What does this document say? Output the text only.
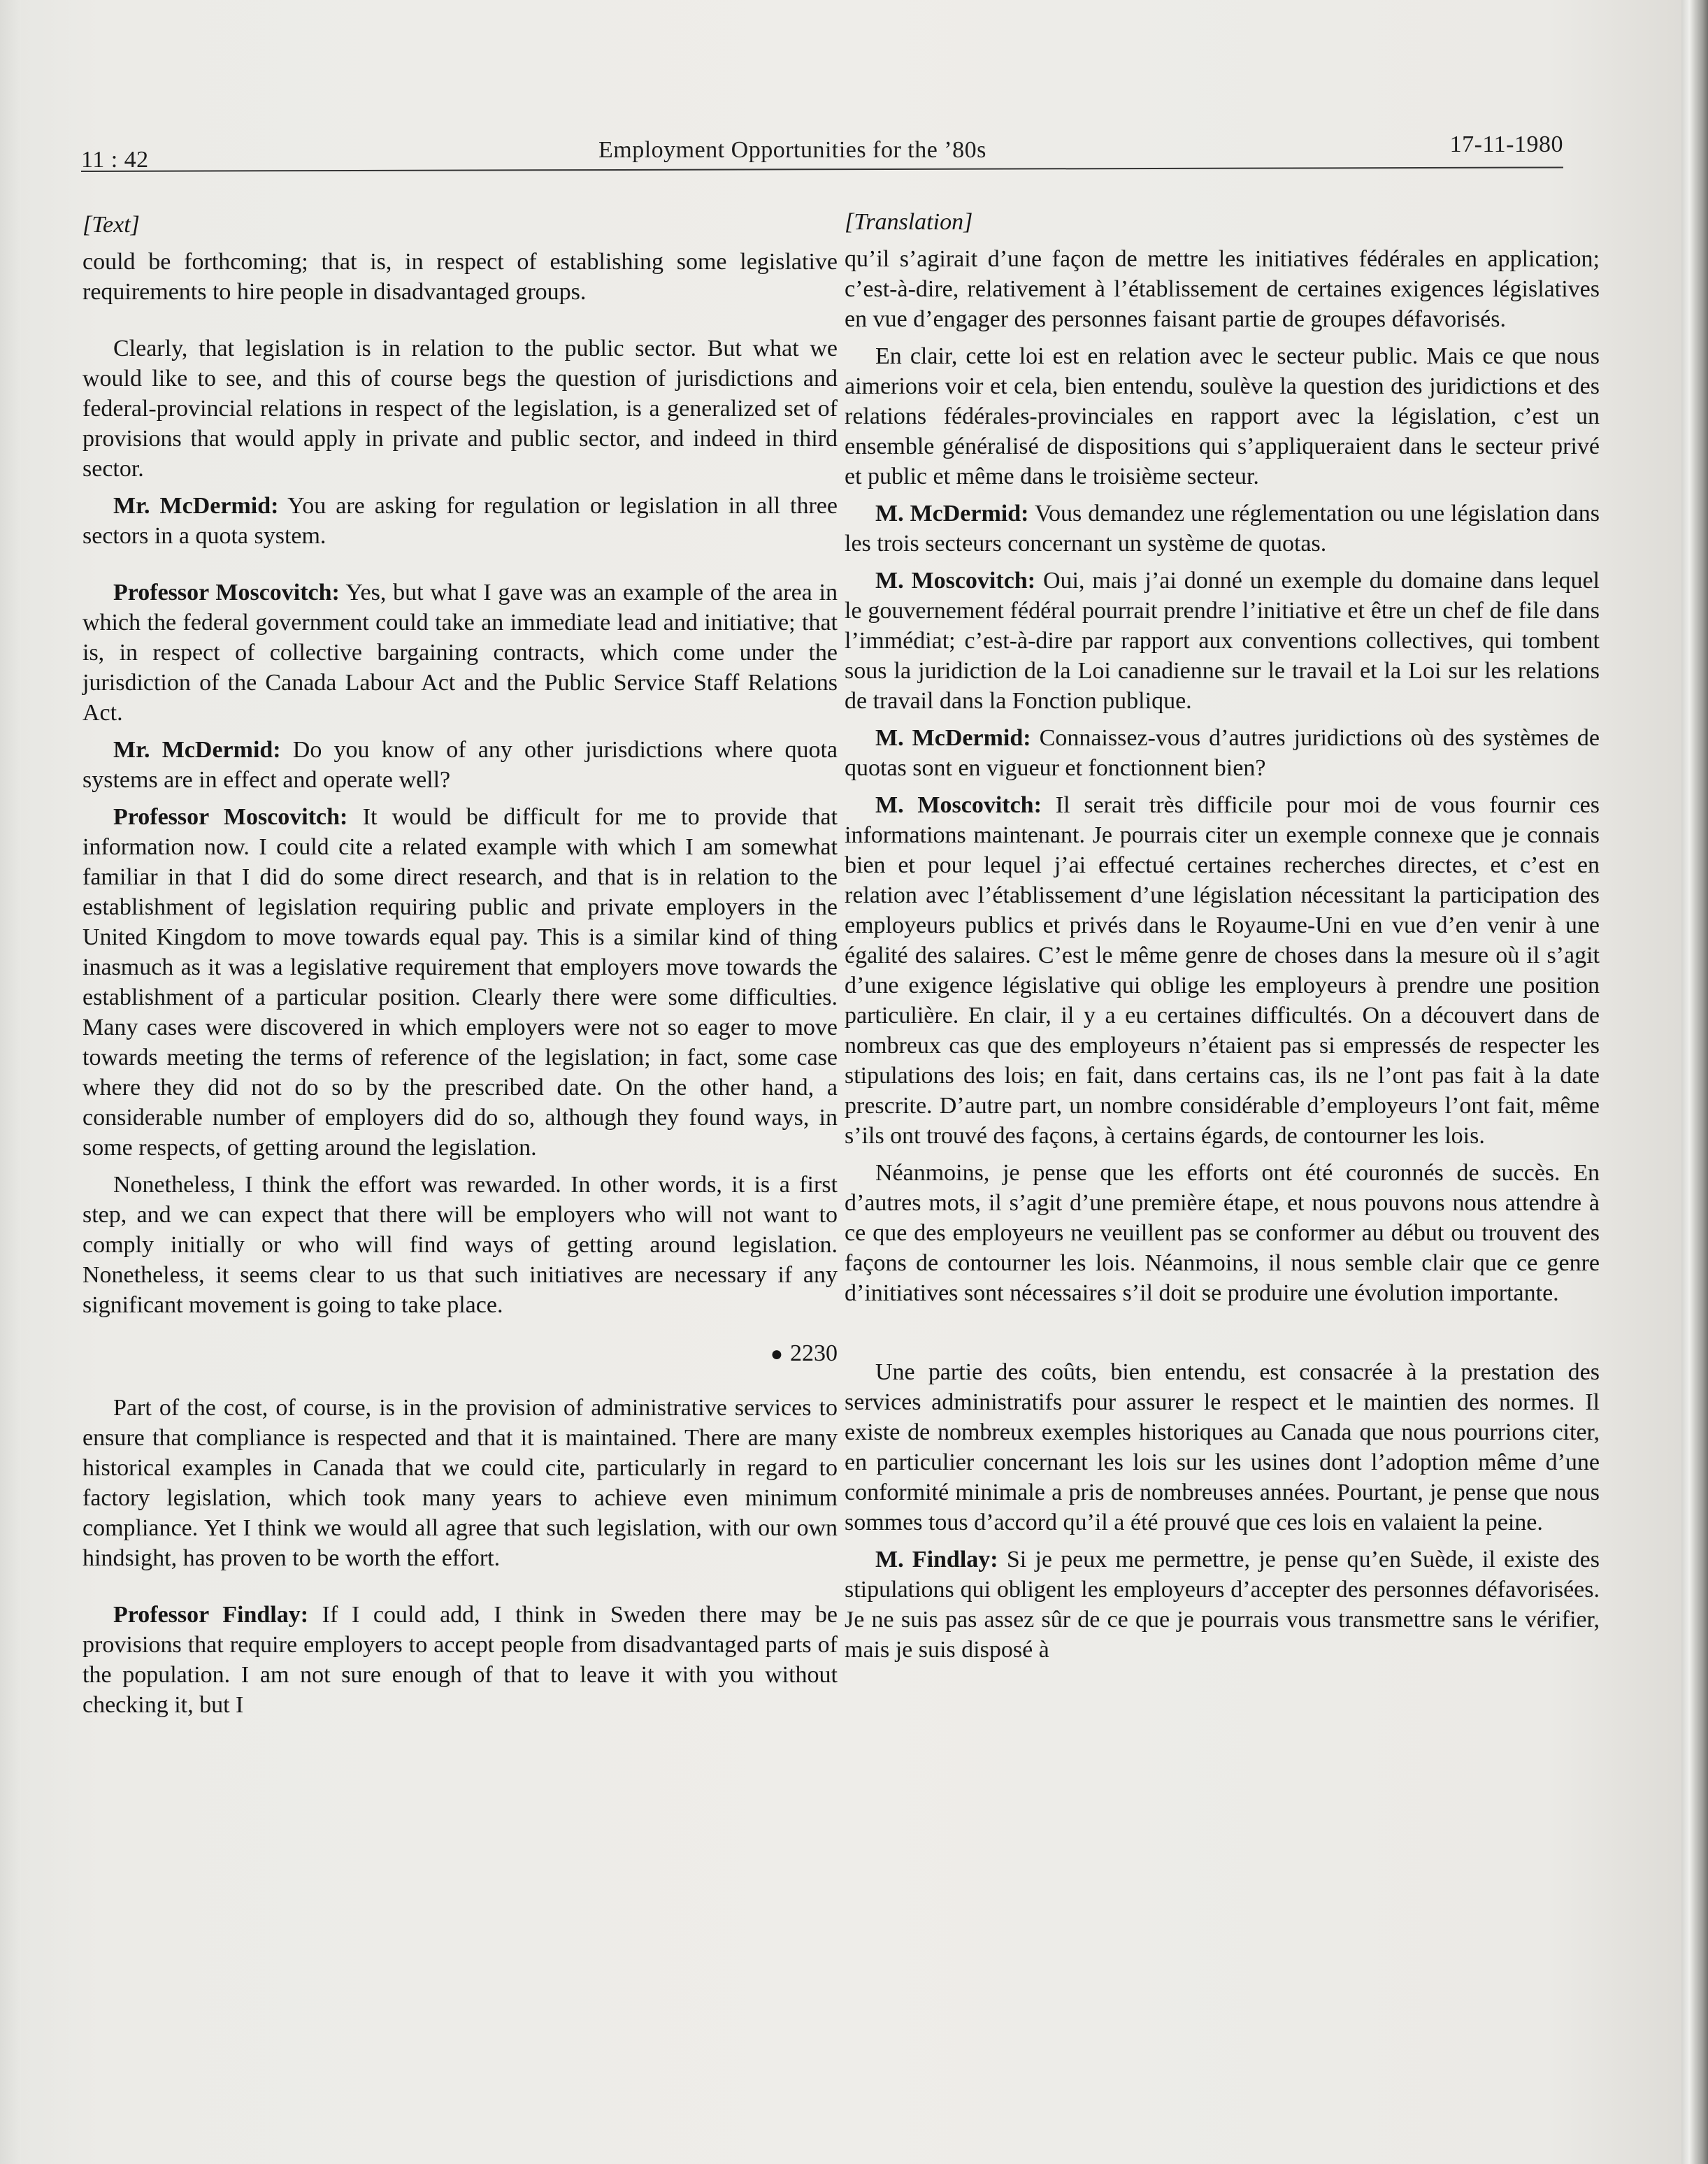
11 : 42	Employment Opportunities for the ’80s	17-11-1980

[Text]

could be forthcoming; that is, in respect of establishing some legislative requirements to hire people in disadvantaged groups.

Clearly, that legislation is in relation to the public sector. But what we would like to see, and this of course begs the question of jurisdictions and federal-provincial relations in respect of the legislation, is a generalized set of provisions that would apply in private and public sector, and indeed in third sector.

Mr. McDermid: You are asking for regulation or legislation in all three sectors in a quota system.

Professor Moscovitch: Yes, but what I gave was an example of the area in which the federal government could take an immediate lead and initiative; that is, in respect of collective bargaining contracts, which come under the jurisdiction of the Canada Labour Act and the Public Service Staff Relations Act.

Mr. McDermid: Do you know of any other jurisdictions where quota systems are in effect and operate well?

Professor Moscovitch: It would be difficult for me to provide that information now. I could cite a related example with which I am somewhat familiar in that I did do some direct research, and that is in relation to the establishment of legislation requiring public and private employers in the United Kingdom to move towards equal pay. This is a similar kind of thing inasmuch as it was a legislative requirement that employers move towards the establishment of a particular position. Clearly there were some difficulties. Many cases were discovered in which employers were not so eager to move towards meeting the terms of reference of the legislation; in fact, some case where they did not do so by the prescribed date. On the other hand, a considerable number of employers did do so, although they found ways, in some respects, of getting around the legislation.

Nonetheless, I think the effort was rewarded. In other words, it is a first step, and we can expect that there will be employers who will not want to comply initially or who will find ways of getting around legislation. Nonetheless, it seems clear to us that such initiatives are necessary if any significant movement is going to take place.

● 2230

Part of the cost, of course, is in the provision of administrative services to ensure that compliance is respected and that it is maintained. There are many historical examples in Canada that we could cite, particularly in regard to factory legislation, which took many years to achieve even minimum compliance. Yet I think we would all agree that such legislation, with our own hindsight, has proven to be worth the effort.

Professor Findlay: If I could add, I think in Sweden there may be provisions that require employers to accept people from disadvantaged parts of the population. I am not sure enough of that to leave it with you without checking it, but I

[Translation]

qu’il s’agirait d’une façon de mettre les initiatives fédérales en application; c’est-à-dire, relativement à l’établissement de certaines exigences législatives en vue d’engager des personnes faisant partie de groupes défavorisés.

En clair, cette loi est en relation avec le secteur public. Mais ce que nous aimerions voir et cela, bien entendu, soulève la question des juridictions et des relations fédérales-provinciales en rapport avec la législation, c’est un ensemble généralisé de dispositions qui s’appliqueraient dans le secteur privé et public et même dans le troisième secteur.

M. McDermid: Vous demandez une réglementation ou une législation dans les trois secteurs concernant un système de quotas.

M. Moscovitch: Oui, mais j’ai donné un exemple du domaine dans lequel le gouvernement fédéral pourrait prendre l’initiative et être un chef de file dans l’immédiat; c’est-à-dire par rapport aux conventions collectives, qui tombent sous la juridiction de la Loi canadienne sur le travail et la Loi sur les relations de travail dans la Fonction publique.

M. McDermid: Connaissez-vous d’autres juridictions où des systèmes de quotas sont en vigueur et fonctionnent bien?

M. Moscovitch: Il serait très difficile pour moi de vous fournir ces informations maintenant. Je pourrais citer un exemple connexe que je connais bien et pour lequel j’ai effectué certaines recherches directes, et c’est en relation avec l’établissement d’une législation nécessitant la participation des employeurs publics et privés dans le Royaume-Uni en vue d’en venir à une égalité des salaires. C’est le même genre de choses dans la mesure où il s’agit d’une exigence législative qui oblige les employeurs à prendre une position particulière. En clair, il y a eu certaines difficultés. On a découvert dans de nombreux cas que des employeurs n’étaient pas si empressés de respecter les stipulations des lois; en fait, dans certains cas, ils ne l’ont pas fait à la date prescrite. D’autre part, un nombre considérable d’employeurs l’ont fait, même s’ils ont trouvé des façons, à certains égards, de contourner les lois.

Néanmoins, je pense que les efforts ont été couronnés de succès. En d’autres mots, il s’agit d’une première étape, et nous pouvons nous attendre à ce que des employeurs ne veuillent pas se conformer au début ou trouvent des façons de contourner les lois. Néanmoins, il nous semble clair que ce genre d’initiatives sont nécessaires s’il doit se produire une évolution importante.

Une partie des coûts, bien entendu, est consacrée à la prestation des services administratifs pour assurer le respect et le maintien des normes. Il existe de nombreux exemples historiques au Canada que nous pourrions citer, en particulier concernant les lois sur les usines dont l’adoption même d’une conformité minimale a pris de nombreuses années. Pourtant, je pense que nous sommes tous d’accord qu’il a été prouvé que ces lois en valaient la peine.

M. Findlay: Si je peux me permettre, je pense qu’en Suède, il existe des stipulations qui obligent les employeurs d’accepter des personnes défavorisées. Je ne suis pas assez sûr de ce que je pourrais vous transmettre sans le vérifier, mais je suis disposé à
